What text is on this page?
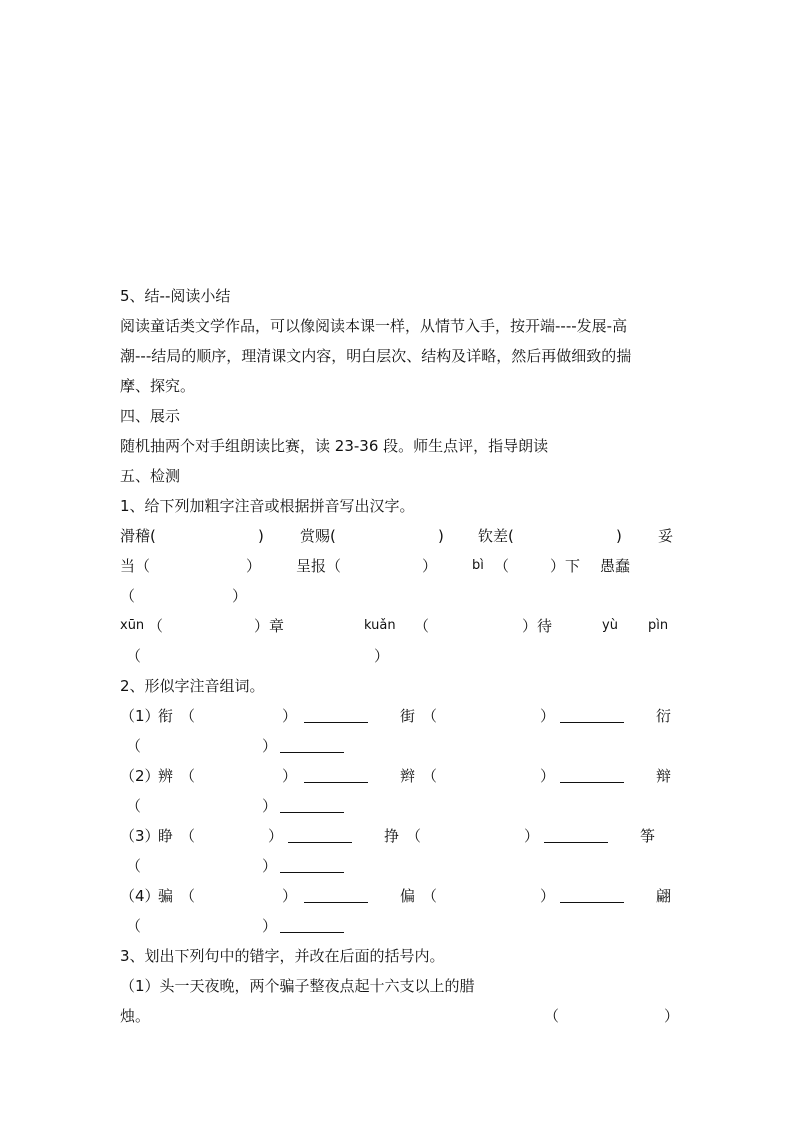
5、结--阅读小结
阅读童话类文学作品，可以像阅读本课一样，从情节入手，按开端----发展-高
潮---结局的顺序，理清课文内容，明白层次、结构及详略，然后再做细致的揣
摩、探究。
四、展示
随机抽两个对手组朗读比赛，读 23-36 段。师生点评，指导朗读
五、检测
1、给下列加粗字注音或根据拼音写出汉字。
滑稽(	) 赏赐(	) 钦差(	) 妥
当（	） 呈报（	）	bì （	）下 愚蠢
（	）
xūn （	）章	kuǎn （	）待	yù pìn
（	）
2、形似字注音组词。
（1）
衔 （	）	街 （	）	衍
（	）
（2）
辨 （	）	辫 （	）	辩
（	）
（3）
睁 （	）	挣 （	）	筝
（	）
（4）
骗 （	）	偏 （	）	翩
（	）
3、划出下列句中的错字，并改在后面的括号内。
（1）头一天夜晚，两个骗子整夜点起十六支以上的腊
烛。	（	）
